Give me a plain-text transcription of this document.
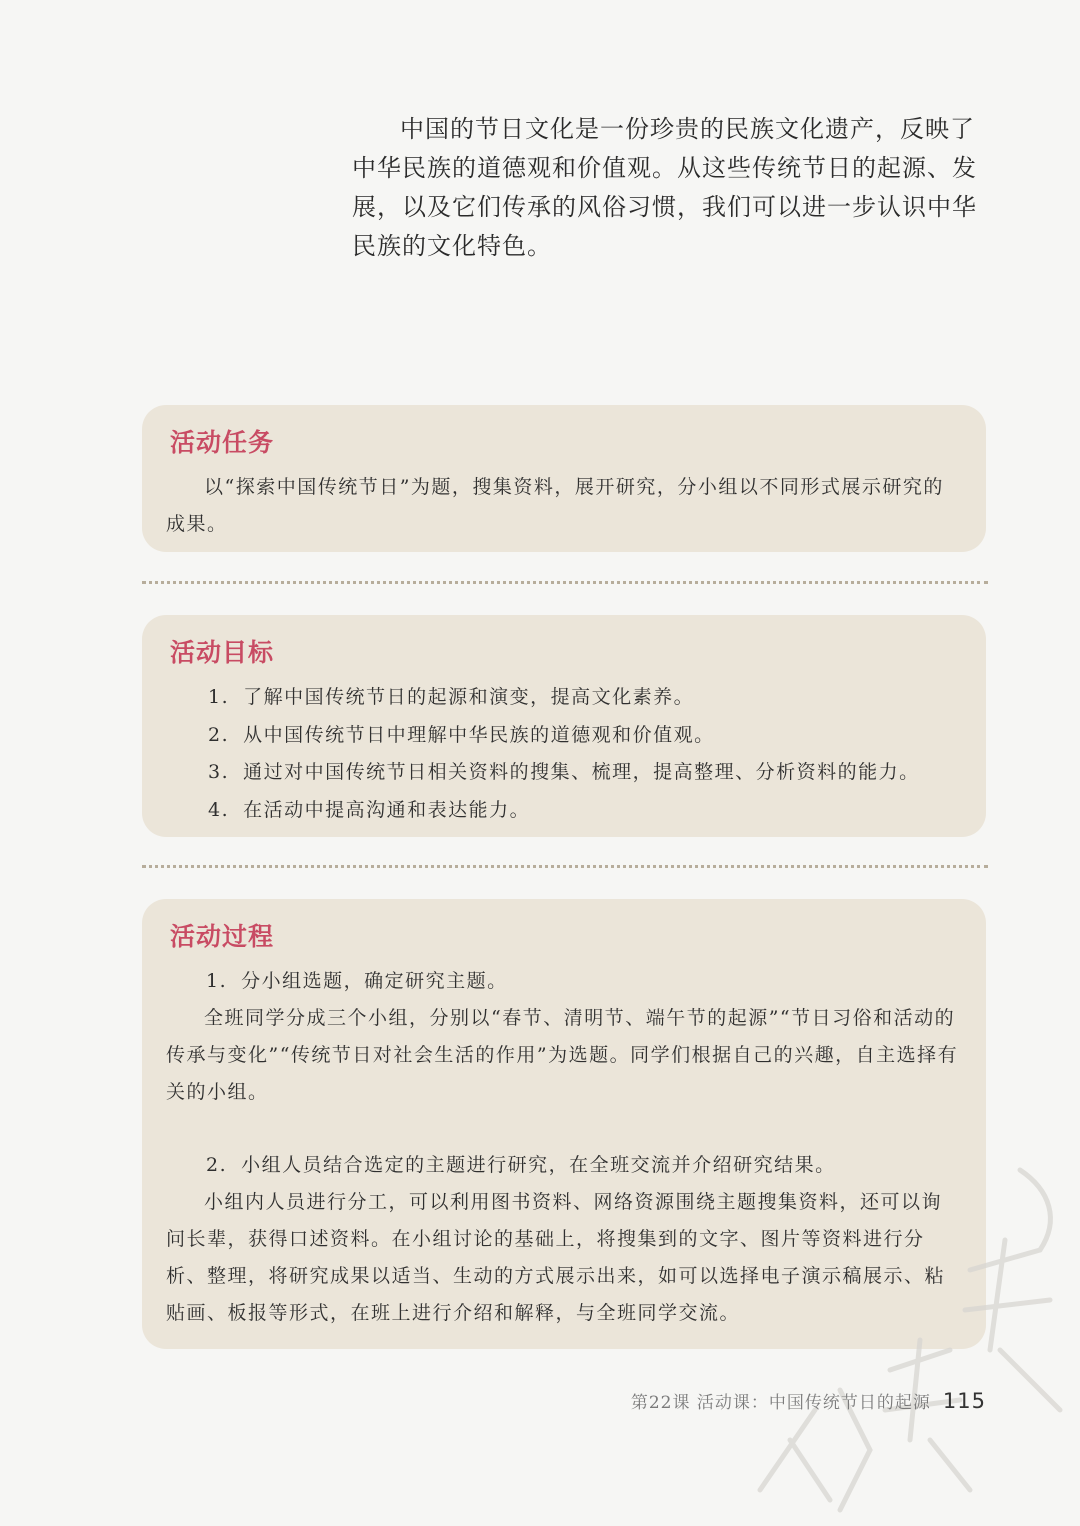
中国的节日文化是一份珍贵的民族文化遗产，反映了中华民族的道德观和价值观。从这些传统节日的起源、发展，以及它们传承的风俗习惯，我们可以进一步认识中华民族的文化特色。

活动任务

以“探索中国传统节日”为题，搜集资料，展开研究，分小组以不同形式展示研究的成果。

活动目标
1. 了解中国传统节日的起源和演变，提高文化素养。
2. 从中国传统节日中理解中华民族的道德观和价值观。
3. 通过对中国传统节日相关资料的搜集、梳理，提高整理、分析资料的能力。
4. 在活动中提高沟通和表达能力。
活动过程
1. 分小组选题，确定研究主题。

全班同学分成三个小组，分别以“春节、清明节、端午节的起源”“节日习俗和活动的传承与变化”“传统节日对社会生活的作用”为选题。同学们根据自己的兴趣，自主选择有关的小组。

2. 小组人员结合选定的主题进行研究，在全班交流并介绍研究结果。

小组内人员进行分工，可以利用图书资料、网络资源围绕主题搜集资料，还可以询问长辈，获得口述资料。在小组讨论的基础上，将搜集到的文字、图片等资料进行分析、整理，将研究成果以适当、生动的方式展示出来，如可以选择电子演示稿展示、粘贴画、板报等形式，在班上进行介绍和解释，与全班同学交流。

第22课 活动课：中国传统节日的起源 115
